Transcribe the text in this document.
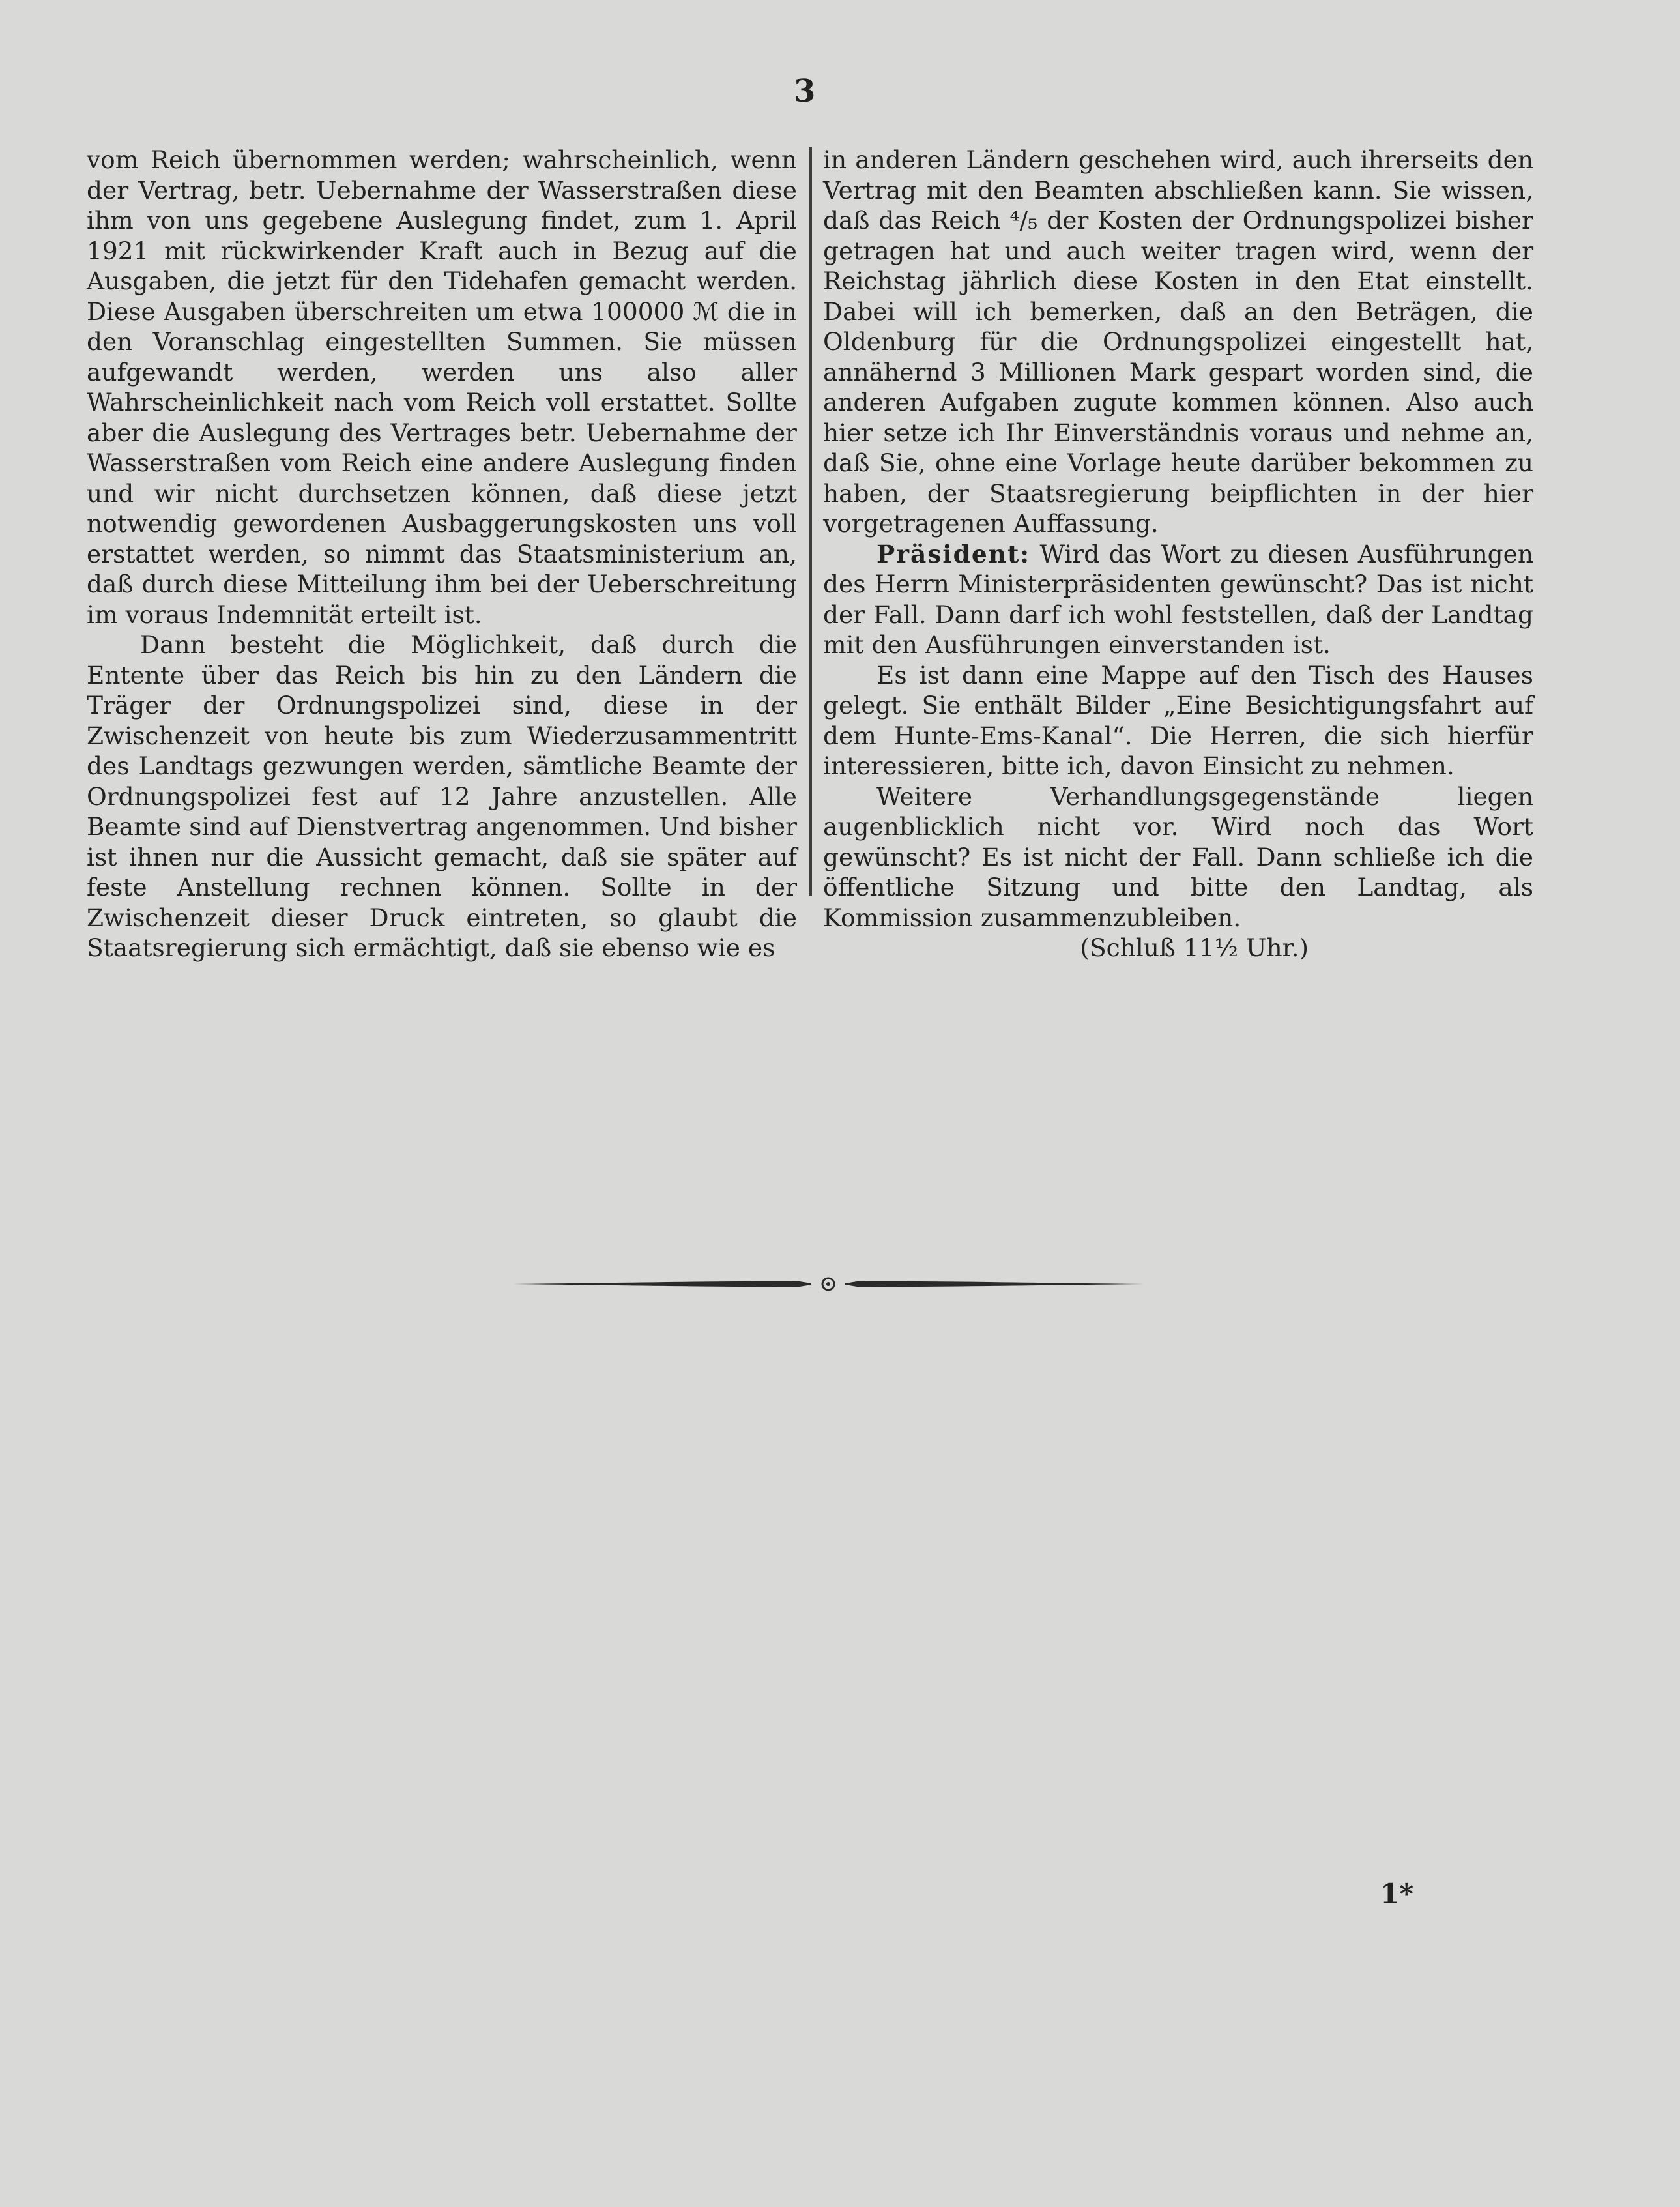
3

vom Reich übernommen werden; wahrscheinlich, wenn der Vertrag, betr. Uebernahme der Wasserstraßen diese ihm von uns gegebene Auslegung findet, zum 1. April 1921 mit rückwirkender Kraft auch in Bezug auf die Ausgaben, die jetzt für den Tidehafen gemacht werden. Diese Ausgaben überschreiten um etwa 100000 ℳ die in den Voranschlag eingestellten Summen. Sie müssen aufgewandt werden, werden uns also aller Wahrscheinlichkeit nach vom Reich voll erstattet. Sollte aber die Auslegung des Vertrages betr. Uebernahme der Wasserstraßen vom Reich eine andere Auslegung finden und wir nicht durchsetzen können, daß diese jetzt notwendig gewordenen Ausbaggerungskosten uns voll erstattet werden, so nimmt das Staatsministerium an, daß durch diese Mitteilung ihm bei der Ueberschreitung im voraus Indemnität erteilt ist.

Dann besteht die Möglichkeit, daß durch die Entente über das Reich bis hin zu den Ländern die Träger der Ordnungspolizei sind, diese in der Zwischenzeit von heute bis zum Wiederzusammentritt des Landtags gezwungen werden, sämtliche Beamte der Ordnungspolizei fest auf 12 Jahre anzustellen. Alle Beamte sind auf Dienstvertrag angenommen. Und bisher ist ihnen nur die Aussicht gemacht, daß sie später auf feste Anstellung rechnen können. Sollte in der Zwischenzeit dieser Druck eintreten, so glaubt die Staatsregierung sich ermächtigt, daß sie ebenso wie es

in anderen Ländern geschehen wird, auch ihrerseits den Vertrag mit den Beamten abschließen kann. Sie wissen, daß das Reich ⁴/₅ der Kosten der Ordnungspolizei bisher getragen hat und auch weiter tragen wird, wenn der Reichstag jährlich diese Kosten in den Etat einstellt. Dabei will ich bemerken, daß an den Beträgen, die Oldenburg für die Ordnungspolizei eingestellt hat, annähernd 3 Millionen Mark gespart worden sind, die anderen Aufgaben zugute kommen können. Also auch hier setze ich Ihr Einverständnis voraus und nehme an, daß Sie, ohne eine Vorlage heute darüber bekommen zu haben, der Staatsregierung beipflichten in der hier vorgetragenen Auffassung.

Präsident: Wird das Wort zu diesen Ausführungen des Herrn Ministerpräsidenten gewünscht? Das ist nicht der Fall. Dann darf ich wohl feststellen, daß der Landtag mit den Ausführungen einverstanden ist.

Es ist dann eine Mappe auf den Tisch des Hauses gelegt. Sie enthält Bilder „Eine Besichtigungsfahrt auf dem Hunte-Ems-Kanal“. Die Herren, die sich hierfür interessieren, bitte ich, davon Einsicht zu nehmen.

Weitere Verhandlungsgegenstände liegen augenblicklich nicht vor. Wird noch das Wort gewünscht? Es ist nicht der Fall. Dann schließe ich die öffentliche Sitzung und bitte den Landtag, als Kommission zusammenzubleiben.

(Schluß 11½ Uhr.)

1*
